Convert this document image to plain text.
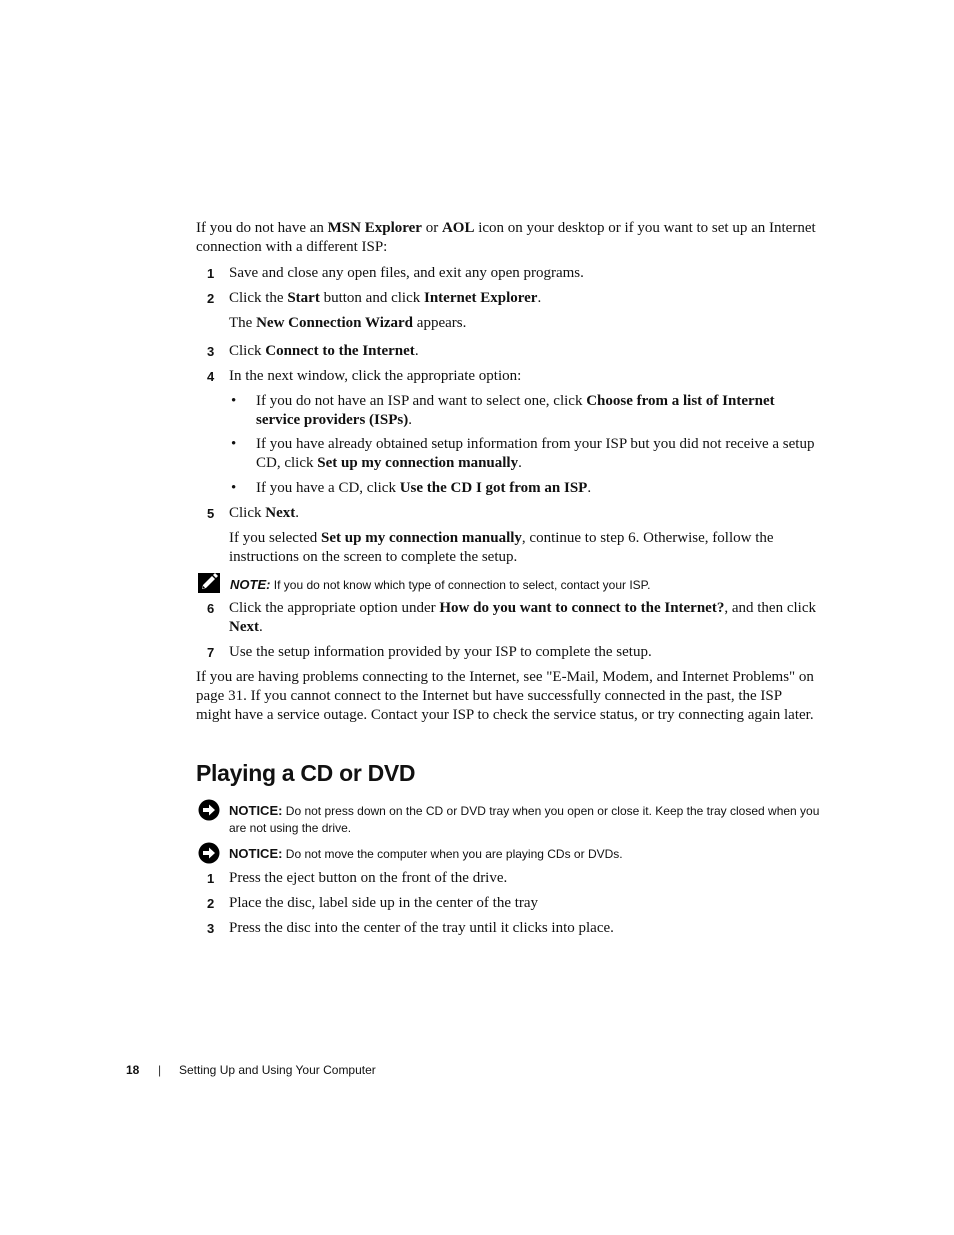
If you do not have an MSN Explorer or AOL icon on your desktop or if you want to set up an Internet connection with a different ISP:
1 Save and close any open files, and exit any open programs.
2 Click the Start button and click Internet Explorer.
The New Connection Wizard appears.
3 Click Connect to the Internet.
4 In the next window, click the appropriate option:
• If you do not have an ISP and want to select one, click Choose from a list of Internet service providers (ISPs).
• If you have already obtained setup information from your ISP but you did not receive a setup CD, click Set up my connection manually.
• If you have a CD, click Use the CD I got from an ISP.
5 Click Next.
If you selected Set up my connection manually, continue to step 6. Otherwise, follow the instructions on the screen to complete the setup.
NOTE: If you do not know which type of connection to select, contact your ISP.
6 Click the appropriate option under How do you want to connect to the Internet?, and then click Next.
7 Use the setup information provided by your ISP to complete the setup.
If you are having problems connecting to the Internet, see "E-Mail, Modem, and Internet Problems" on page 31. If you cannot connect to the Internet but have successfully connected in the past, the ISP might have a service outage. Contact your ISP to check the service status, or try connecting again later.
Playing a CD or DVD
NOTICE: Do not press down on the CD or DVD tray when you open or close it. Keep the tray closed when you are not using the drive.
NOTICE: Do not move the computer when you are playing CDs or DVDs.
1 Press the eject button on the front of the drive.
2 Place the disc, label side up in the center of the tray
3 Press the disc into the center of the tray until it clicks into place.
18 | Setting Up and Using Your Computer
